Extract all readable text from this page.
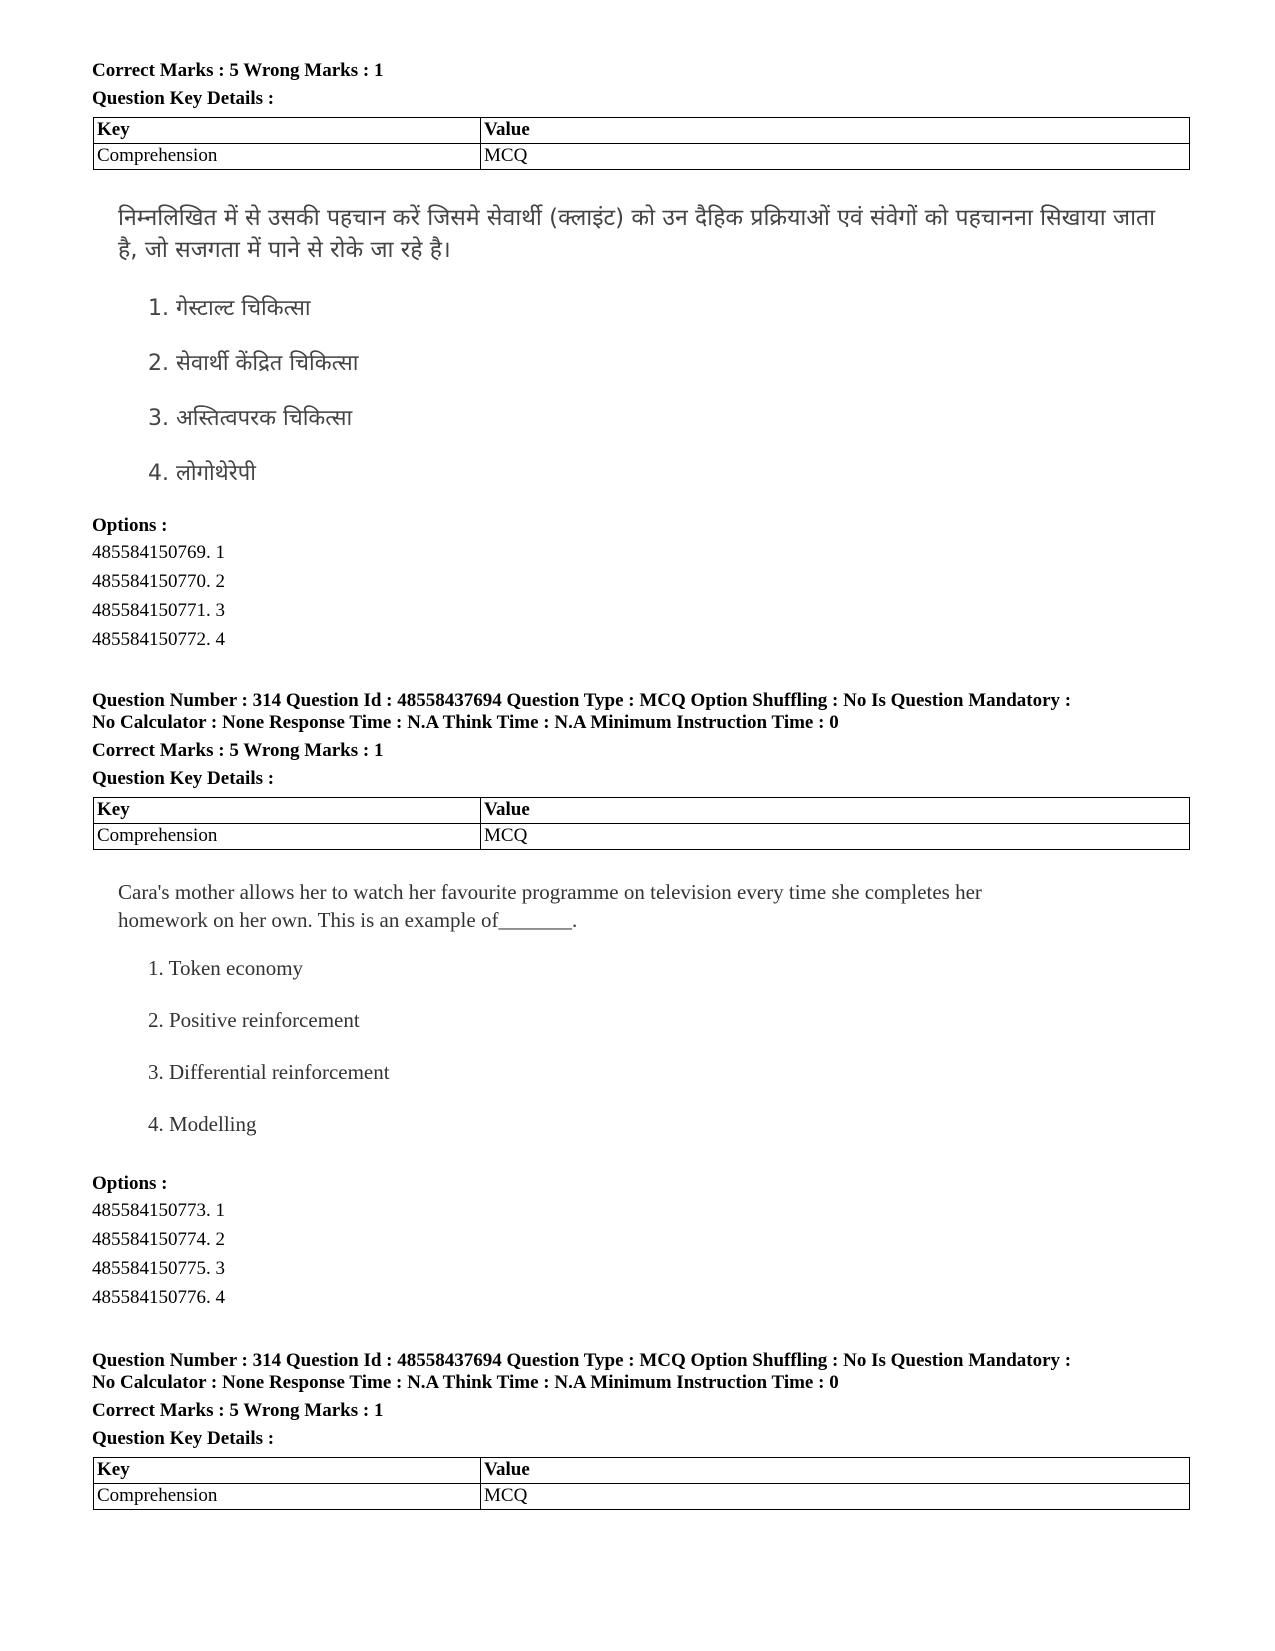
Correct Marks : 5 Wrong Marks : 1
Question Key Details :
Key	Value
Comprehension	MCQ
निम्नलिखित में से उसकी पहचान करें जिसमे सेवार्थी (क्लाइंट) को उन दैहिक प्रक्रियाओं एवं संवेगों को पहचानना सिखाया जाता है, जो सजगता में पाने से रोके जा रहे है।
1. गेस्टाल्ट चिकित्सा
2. सेवार्थी केंद्रित चिकित्सा
3. अस्तित्वपरक चिकित्सा
4. लोगोथेरेपी
Options :
485584150769. 1
485584150770. 2
485584150771. 3
485584150772. 4
Question Number : 314 Question Id : 48558437694 Question Type : MCQ Option Shuffling : No Is Question Mandatory :
No Calculator : None Response Time : N.A Think Time : N.A Minimum Instruction Time : 0
Correct Marks : 5 Wrong Marks : 1
Question Key Details :
Key	Value
Comprehension	MCQ
Cara's mother allows her to watch her favourite programme on television every time she completes her
homework on her own. This is an example of_______.
1. Token economy
2. Positive reinforcement
3. Differential reinforcement
4. Modelling
Options :
485584150773. 1
485584150774. 2
485584150775. 3
485584150776. 4
Question Number : 314 Question Id : 48558437694 Question Type : MCQ Option Shuffling : No Is Question Mandatory :
No Calculator : None Response Time : N.A Think Time : N.A Minimum Instruction Time : 0
Correct Marks : 5 Wrong Marks : 1
Question Key Details :
Key	Value
Comprehension	MCQ
